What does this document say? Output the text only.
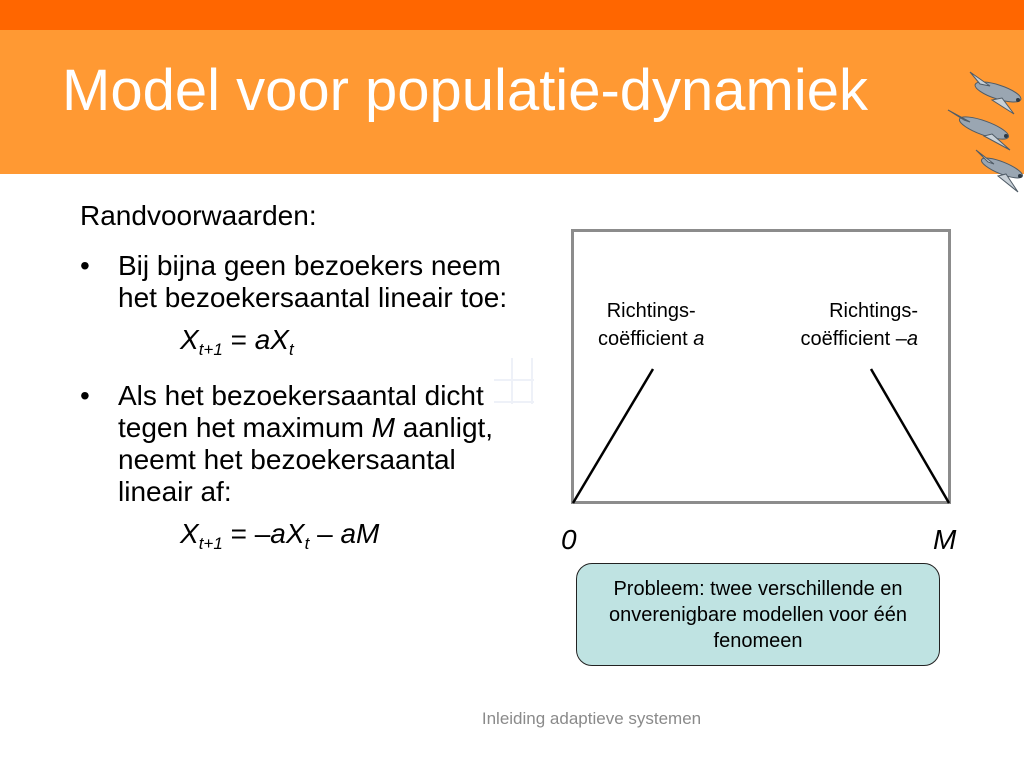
Model voor populatie-dynamiek

Randvoorwaarden:

• Bij bijna geen bezoekers neem het bezoekersaantal lineair toe:
$X_{t+1} = aX_t$
• Als het bezoekersaantal dicht tegen het maximum M aanligt, neemt het bezoekersaantal lineair af:
$X_{t+1} = -aX_t$ – aM
Richtings-
coëfficient a
Richtings-
coëfficient –a
0	M
Probleem: twee verschillende en onverenigbare modellen voor één fenomeen
Inleiding adaptieve systemen
